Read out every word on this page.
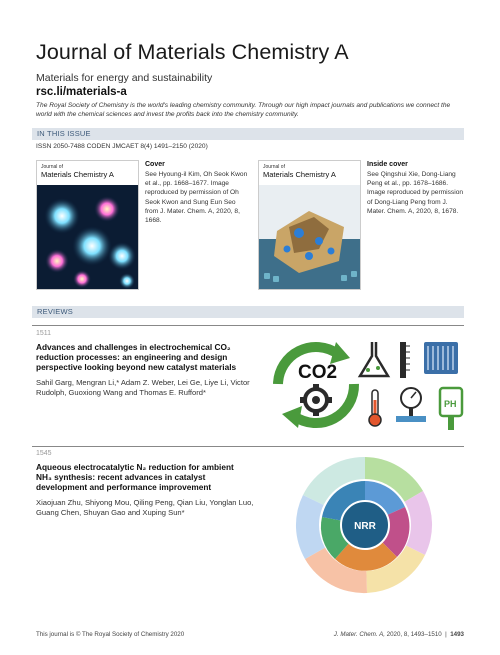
Journal of Materials Chemistry A
Materials for energy and sustainability
rsc.li/materials-a
The Royal Society of Chemistry is the world's leading chemistry community. Through our high impact journals and publications we connect the world with the chemical sciences and invest the profits back into the chemistry community.
IN THIS ISSUE
ISSN 2050-7488 CODEN JMCAET 8(4) 1491–2150 (2020)
Journal of
Materials Chemistry A
Cover
See Hyoung-il Kim, Oh Seok Kwon et al., pp. 1668–1677. Image reproduced by permission of Oh Seok Kwon and Sung Eun Seo from J. Mater. Chem. A, 2020, 8, 1668.
Journal of
Materials Chemistry A
Inside cover
See Qingshui Xie, Dong-Liang Peng et al., pp. 1678–1686. Image reproduced by permission of Dong-Liang Peng from J. Mater. Chem. A, 2020, 8, 1678.
REVIEWS
1511
Advances and challenges in electrochemical CO₂ reduction processes: an engineering and design perspective looking beyond new catalyst materials
Sahil Garg, Mengran Li,* Adam Z. Weber, Lei Ge, Liye Li, Victor Rudolph, Guoxiong Wang and Thomas E. Rufford*
CO2
PH
1545
Aqueous electrocatalytic N₂ reduction for ambient NH₃ synthesis: recent advances in catalyst development and performance improvement
Xiaojuan Zhu, Shiyong Mou, Qiling Peng, Qian Liu, Yonglan Luo, Guang Chen, Shuyan Gao and Xuping Sun*
NRR
This journal is © The Royal Society of Chemistry 2020	J. Mater. Chem. A, 2020, 8, 1493–1510  |  1493
